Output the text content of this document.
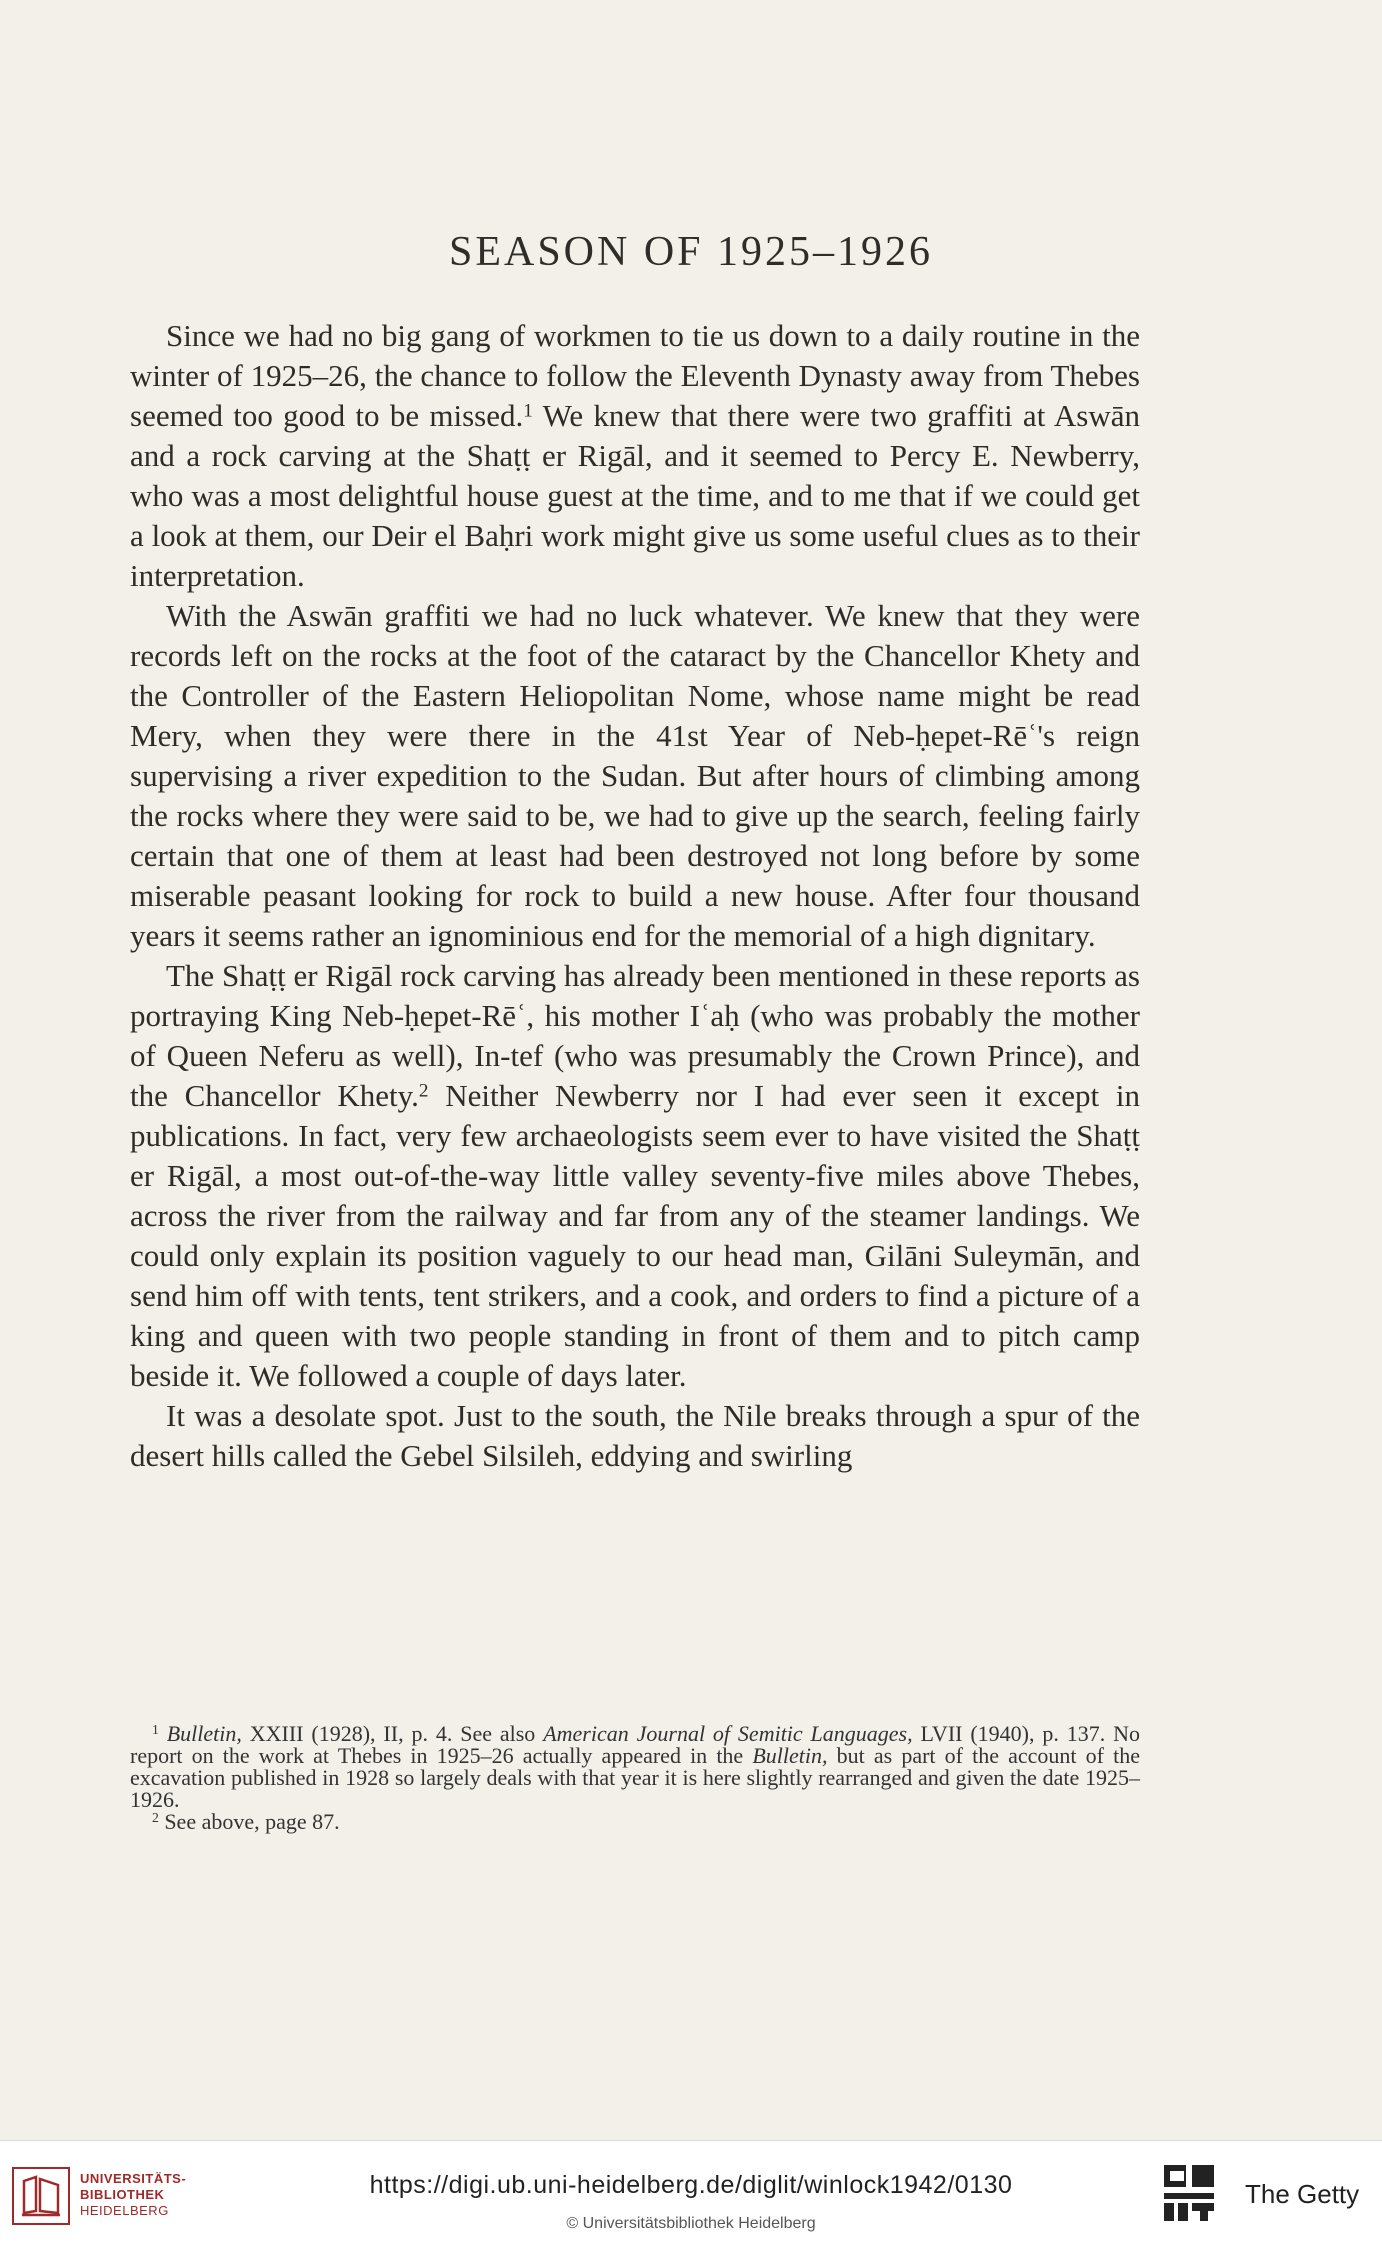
SEASON OF 1925–1926

Since we had no big gang of workmen to tie us down to a daily routine in the winter of 1925–26, the chance to follow the Eleventh Dynasty away from Thebes seemed too good to be missed.$^1$ We knew that there were two graffiti at Aswān and a rock carving at the Shaṭṭ er Rigāl, and it seemed to Percy E. Newberry, who was a most delightful house guest at the time, and to me that if we could get a look at them, our Deir el Baḥri work might give us some useful clues as to their interpretation.

With the Aswān graffiti we had no luck whatever. We knew that they were records left on the rocks at the foot of the cataract by the Chancellor Khety and the Controller of the Eastern Heliopolitan Nome, whose name might be read Mery, when they were there in the 41st Year of Neb-ḥepet-Rēʿ's reign supervising a river expedition to the Sudan. But after hours of climbing among the rocks where they were said to be, we had to give up the search, feeling fairly certain that one of them at least had been destroyed not long before by some miserable peasant looking for rock to build a new house. After four thousand years it seems rather an ignominious end for the memorial of a high dignitary.

The Shaṭṭ er Rigāl rock carving has already been mentioned in these reports as portraying King Neb-ḥepet-Rēʿ, his mother Iʿaḥ (who was probably the mother of Queen Neferu as well), In-tef (who was presumably the Crown Prince), and the Chancellor Khety.$^2$ Neither Newberry nor I had ever seen it except in publications. In fact, very few archaeologists seem ever to have visited the Shaṭṭ er Rigāl, a most out-of-the-way little valley seventy-five miles above Thebes, across the river from the railway and far from any of the steamer landings. We could only explain its position vaguely to our head man, Gilāni Suleymān, and send him off with tents, tent strikers, and a cook, and orders to find a picture of a king and queen with two people standing in front of them and to pitch camp beside it. We followed a couple of days later.

It was a desolate spot. Just to the south, the Nile breaks through a spur of the desert hills called the Gebel Silsileh, eddying and swirling

$^1$ Bulletin, XXIII (1928), II, p. 4. See also American Journal of Semitic Languages, LVII (1940), p. 137. No report on the work at Thebes in 1925–26 actually appeared in the Bulletin, but as part of the account of the excavation published in 1928 so largely deals with that year it is here slightly rearranged and given the date 1925–1926.

$^2$ See above, page 87.

UNIVERSITÄTS-
BIBLIOTHEK
HEIDELBERG
https://digi.ub.uni-heidelberg.de/diglit/winlock1942/0130
© Universitätsbibliothek Heidelberg
The Getty
